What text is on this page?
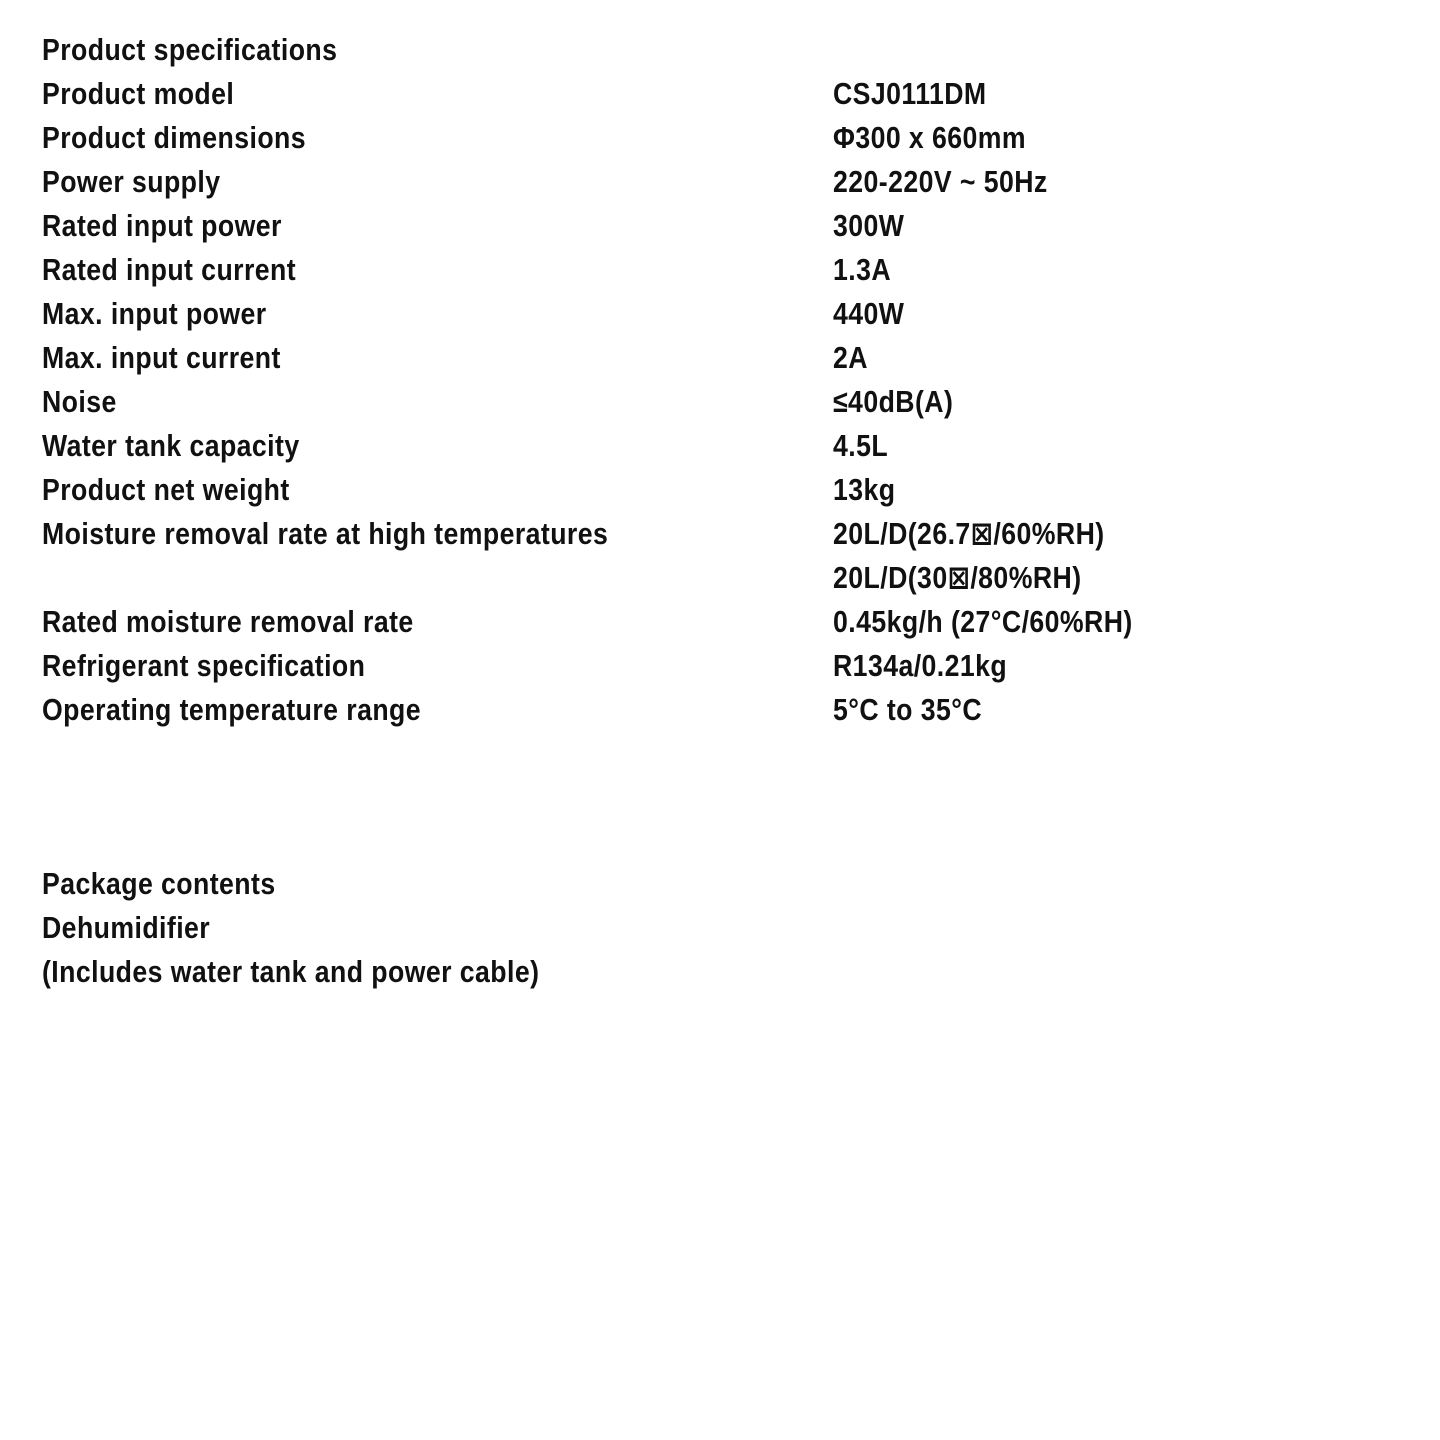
Product specifications
Product model	CSJ0111DM
Product dimensions	Φ300 x 660mm
Power supply	220-220V ~ 50Hz
Rated input power	300W
Rated input current	1.3A
Max. input power	440W
Max. input current	2A
Noise	≤40dB(A)
Water tank capacity	4.5L
Product net weight	13kg
Moisture removal rate at high temperatures	20L/D(26.7⊠/60%RH)
20L/D(30⊠/80%RH)
Rated moisture removal rate	0.45kg/h (27°C/60%RH)
Refrigerant specification	R134a/0.21kg
Operating temperature range	5°C to 35°C
Package contents
Dehumidifier
(Includes water tank and power cable)
